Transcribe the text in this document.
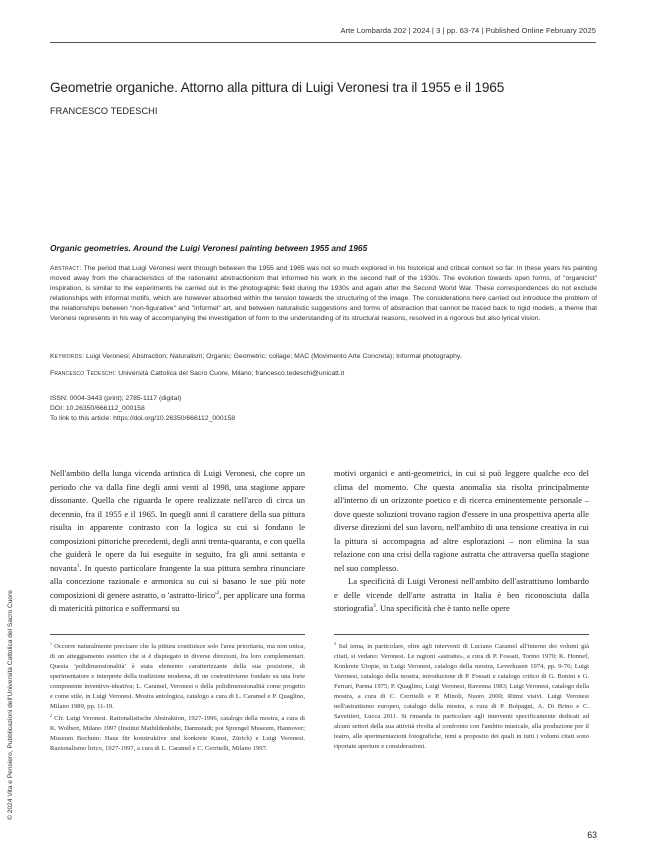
Arte Lombarda 202 | 2024 | 3 | pp. 63-74 | Published Online February 2025
Geometrie organiche. Attorno alla pittura di Luigi Veronesi tra il 1955 e il 1965
FRANCESCO TEDESCHI
Organic geometries. Around the Luigi Veronesi painting between 1955 and 1965
Abstract: The period that Luigi Veronesi went through between the 1955 and 1965 was not so much explored in his historical and critical context so far. In these years his painting moved away from the characteristics of the rationalist abstractionism that informed his work in the second half of the 1930s. The evolution towards open forms, of "organicist" inspiration, is similar to the experiments he carried out in the photographic field during the 1930s and again after the Second World War. These correspondences do not exclude relationships with informal motifs, which are however absorbed within the tension towards the structuring of the image. The considerations here carried out introduce the problem of the relationships between "non-figurative" and "informel" art, and between naturalistic suggestions and forms of abstraction that cannot be traced back to rigid models, a theme that Veronesi represents in his way of accompanying the investigation of form to the understanding of its structural reasons, resolved in a rigorous but also lyrical vision.
Keywords: Luigi Veronesi; Abstraction; Naturalism; Organic; Geometric; collage; MAC (Movimento Arte Concreta); Informal photography.
Francesco Tedeschi: Università Cattolica del Sacro Cuore, Milano; francesco.tedeschi@unicatt.it
ISSN: 0004-3443 (print); 2785-1117 (digital)
DOI: 10.26350/666112_000158
To link to this article: https://doi.org/10.26350/666112_000158

Nell'ambito della lunga vicenda artistica di Luigi Veronesi, che copre un periodo che va dalla fine degli anni venti al 1998, una stagione appare dissonante. Quella che riguarda le opere realizzate nell'arco di circa un decennio, fra il 1955 e il 1965. In quegli anni il carattere della sua pittura risulta in apparente contrasto con la logica su cui si fondano le composizioni pittoriche precedenti, degli anni trenta-quaranta, e con quella che guiderà le opere da lui eseguite in seguito, fra gli anni settanta e novanta$^1$. In questo particolare frangente la sua pittura sembra rinunciare alla concezione razionale e armonica su cui si basano le sue più note composizioni di genere astratto, o '$astratto-lirico'^2$, per applicare una forma di matericità pittorica e soffermarsi su

motivi organici e anti-geometrici, in cui si può leggere qualche eco del clima del momento. Che questa anomalia sia risolta principalmente all'interno di un orizzonte poetico e di ricerca eminentemente personale – dove queste soluzioni trovano ragion d'essere in una prospettiva aperta alle diverse direzioni del suo lavoro, nell'ambito di una tensione creativa in cui la pittura si accompagna ad altre esplorazioni – non elimina la sua relazione con una crisi della ragione astratta che attraversa quella stagione nel suo complesso.

La specificità di Luigi Veronesi nell'ambito dell'astrattismo lombardo e delle vicende dell'arte astratta in Italia è ben riconosciuta dalla storiografia$^3$. Una specificità che è tanto nelle opere

$^1$ Occorre naturalmente precisare che la pittura costituisce solo l'area prioritaria, ma non unica, di un atteggiamento estetico che si è dispiegato in diverse direzioni, fra loro complementari. Questa 'polidimensionalità' è stata elemento caratterizzante della sua posizione, di sperimentatore e interprete della tradizione moderna, di un costruttivismo fondato su una forte componente inventivo-ideativa; L. Caramel, Veronesi o della polidimensionalità come progetto e come stile, in Luigi Veronesi. Mostra antologica, catalogo a cura di L. Caramel e P. Quaglino, Milano 1989, pp. 11-19.

$^2$ Cfr. Luigi Veronesi. Rationalistische Abstraktion, 1927-1996, catalogo della mostra, a cura di K. Wolbert, Milano 1997 (Institut Mathildenhöhe, Darmstadt; poi Sprengel Museum, Hannover; Museum Bochum: Haus für konstruktive und konkrete Kunst, Zürich) e Luigi Veronesi. Razionalismo lirico, 1927-1997, a cura di L. Caramel e C. Cerritelli, Milano 1997.

$^3$ Sul tema, in particolare, oltre agli interventi di Luciano Caramel all'interno dei volumi già citati, si vedano: Veronesi. Le ragioni «astratte», a cura di P. Fossati, Torino 1970; K. Honnef, Konkrete Utopie, in Luigi Veronesi, catalogo della mostra, Leverkusen 1974, pp. 9-76; Luigi Veronesi, catalogo della mostra, introduzione di P. Fossati e catalogo critico di G. Bonini e G. Ferrari, Parma 1975; P. Quaglino, Luigi Veronesi, Ravenna 1983; Luigi Veronesi, catalogo della mostra, a cura di C. Cerritelli e P. Minoli, Nuoro 2000; Ritmi visivi. Luigi Veronesi nell'astrattismo europeo, catalogo della mostra, a cura di P. Bolpagni, A. Di Brino e C. Savettieri, Lucca 2011. Si rimanda in particolare agli interventi specificamente dedicati ad alcuni settori della sua attività rivolta al confronto con l'ambito musicale, alla produzione per il teatro, alle sperimentazioni fotografiche, temi a proposito dei quali in tutti i volumi citati sono riportate aperture e considerazioni.

© 2024 Vita e Pensiero, Pubblicazioni dell'Università Cattolica del Sacro Cuore
63
